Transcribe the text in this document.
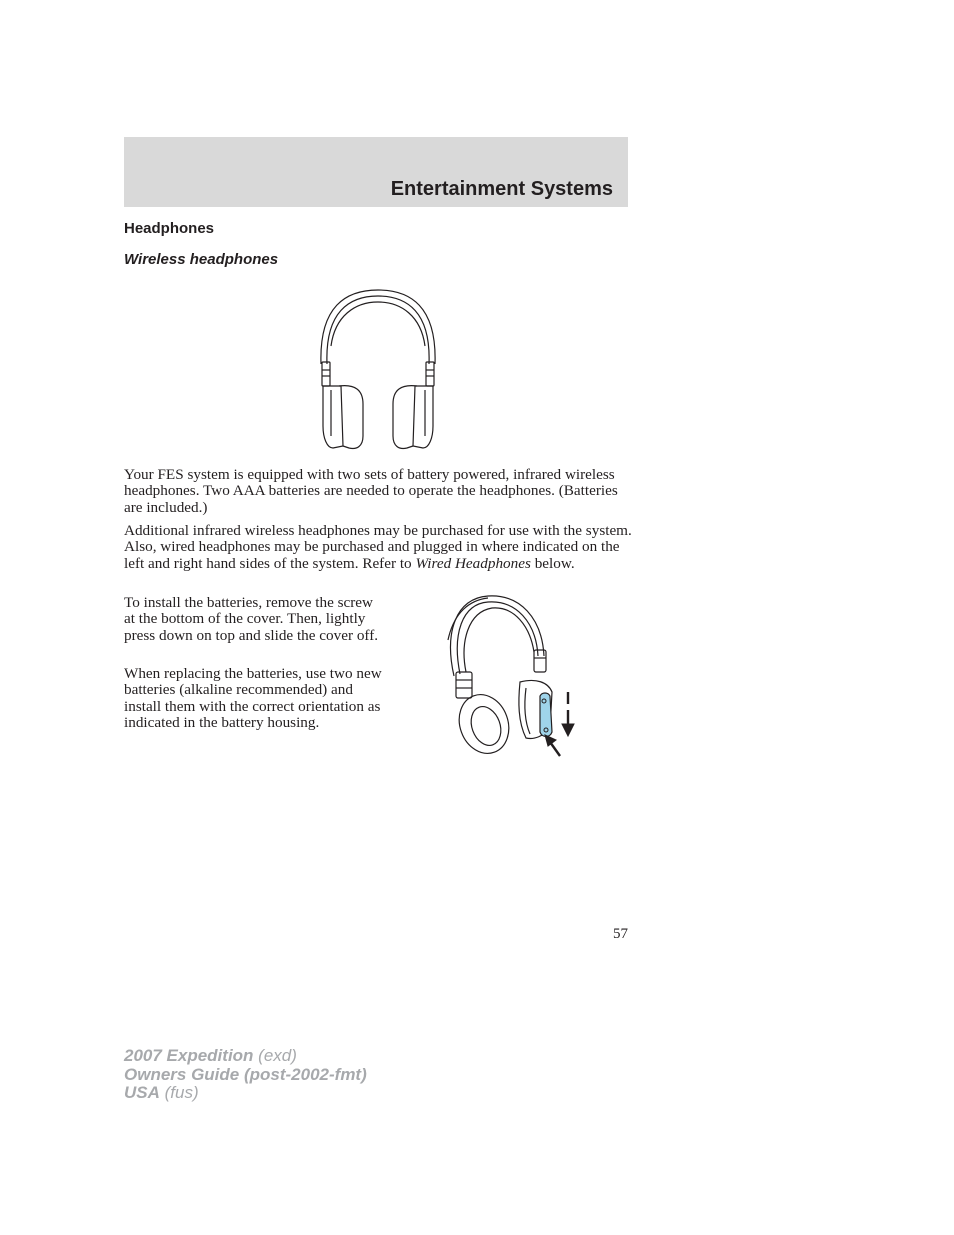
Entertainment Systems
Headphones
Wireless headphones

Your FES system is equipped with two sets of battery powered, infrared wireless headphones. Two AAA batteries are needed to operate the headphones. (Batteries are included.)

Additional infrared wireless headphones may be purchased for use with the system. Also, wired headphones may be purchased and plugged in where indicated on the left and right hand sides of the system. Refer to Wired Headphones below.

To install the batteries, remove the screw at the bottom of the cover. Then, lightly press down on top and slide the cover off.

When replacing the batteries, use two new batteries (alkaline recommended) and install them with the correct orientation as indicated in the battery housing.

57
2007 Expedition (exd)
Owners Guide (post-2002-fmt)
USA (fus)
